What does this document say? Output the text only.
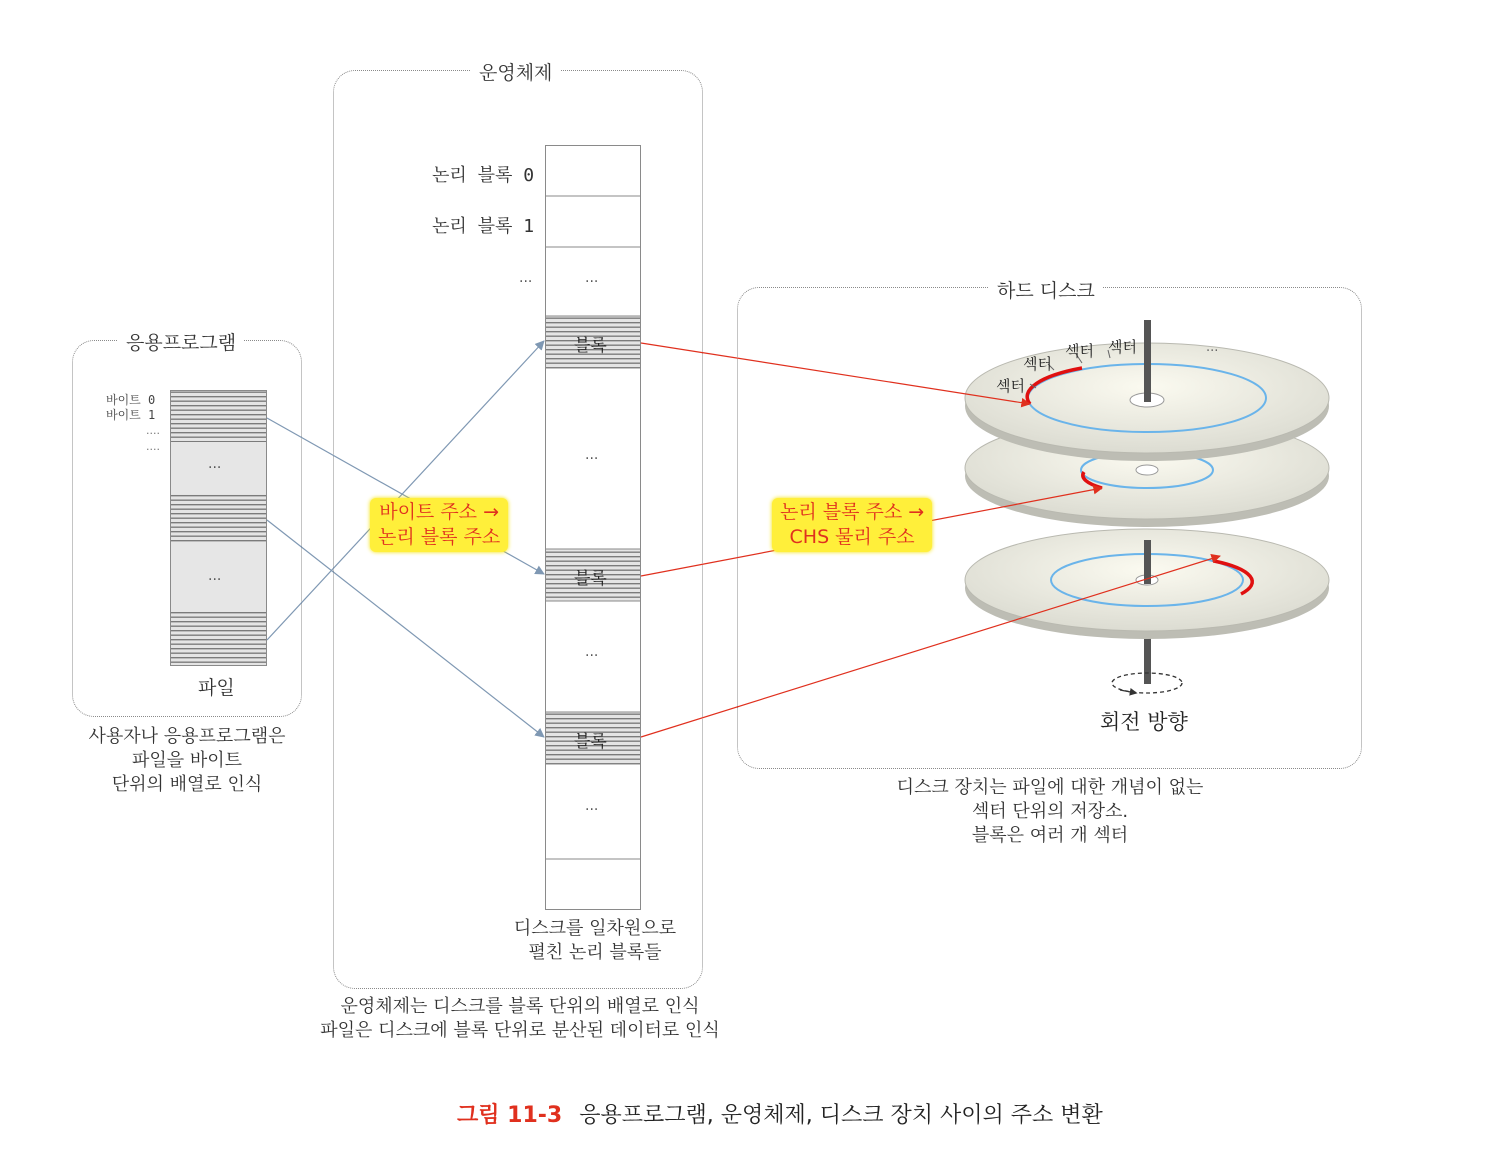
응용프로그램
바이트 0
바이트 1
....
....
...
...
파일
사용자나 응용프로그램은
파일을 바이트
단위의 배열로 인식
운영체제
논리 블록 0
논리 블록 1
...	...
...
...
...
블록
블록
블록
디스크를 일차원으로
펼친 논리 블록들
운영체제는 디스크를 블록 단위의 배열로 인식
파일은 디스크에 블록 단위로 분산된 데이터로 인식
하드 디스크
섹터
섹터
섹터 섹터	...
회전 방향
디스크 장치는 파일에 대한 개념이 없는
섹터 단위의 저장소.
블록은 여러 개 섹터
바이트 주소 →
논리 블록 주소
논리 블록 주소 →
CHS 물리 주소
그림 11-3 응용프로그램, 운영체제, 디스크 장치 사이의 주소 변환
